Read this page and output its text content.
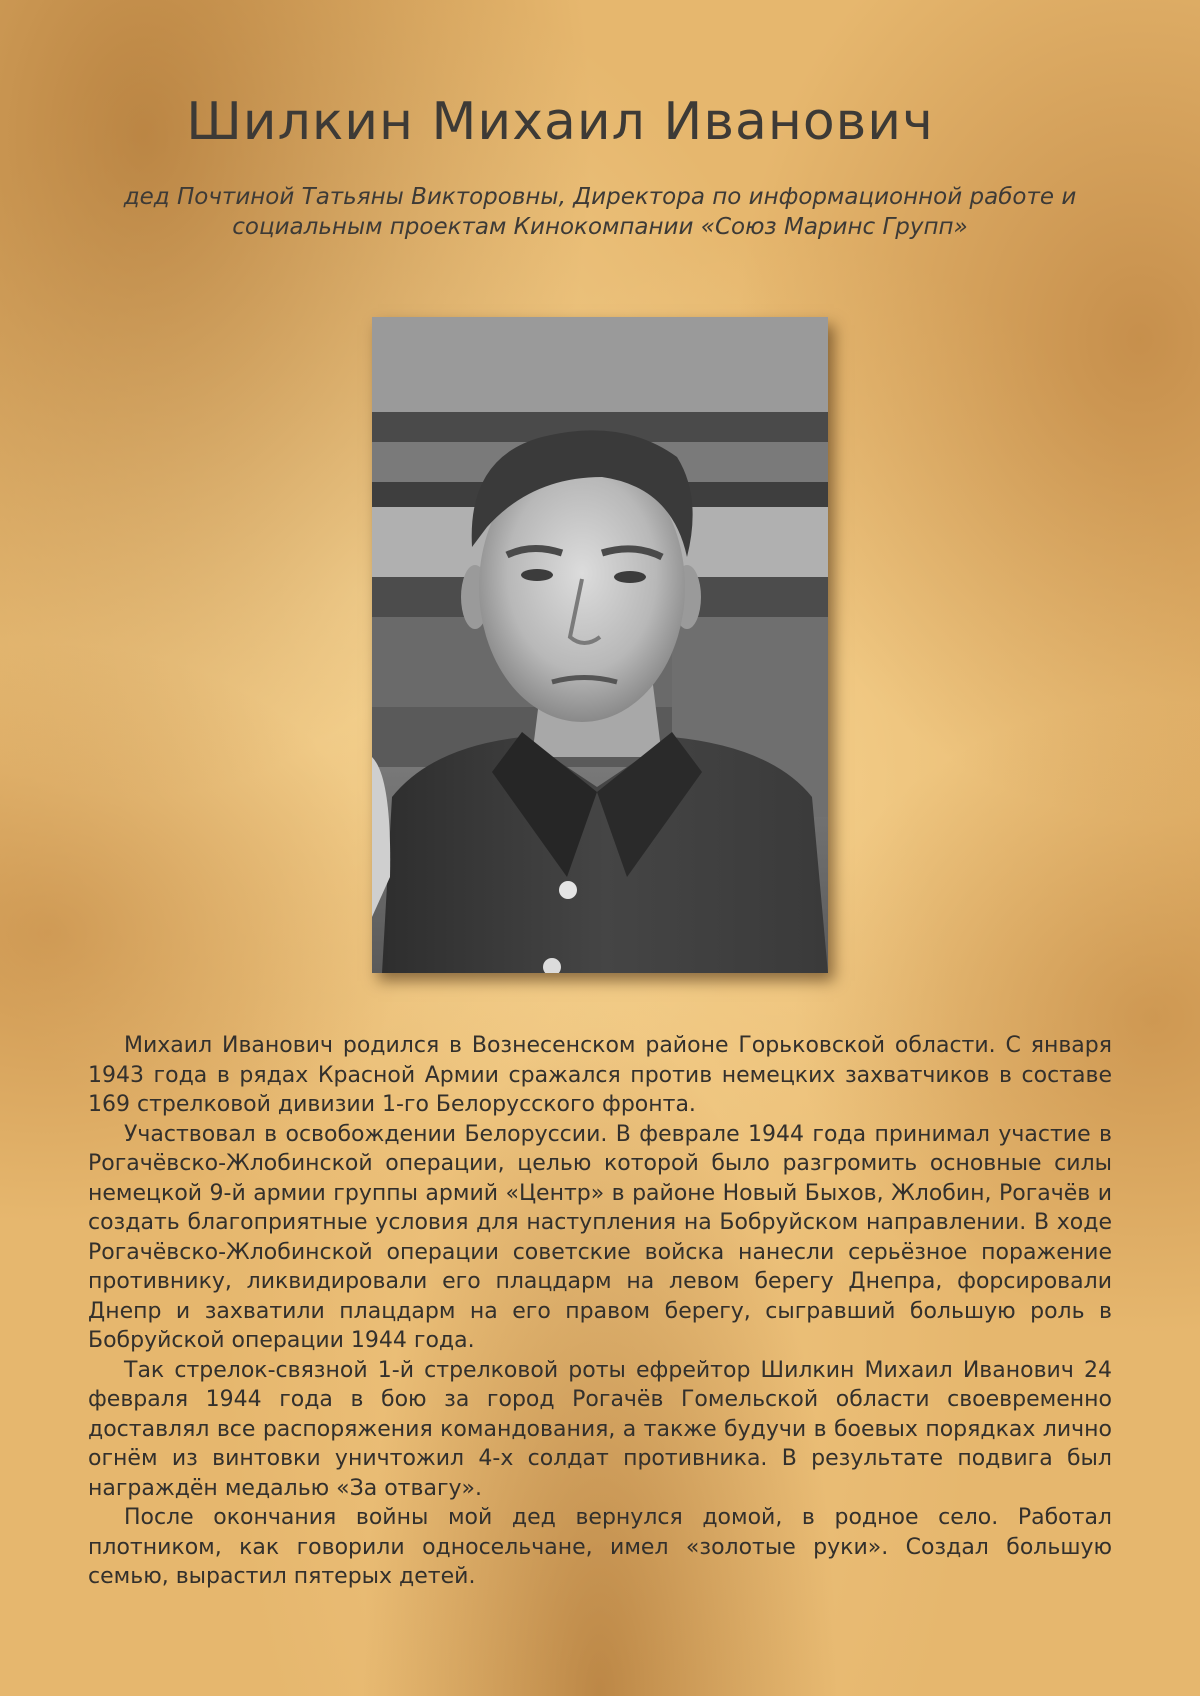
Шилкин Михаил Иванович
дед Почтиной Татьяны Викторовны, Директора по информационной работе и
социальным проектам Кинокомпании «Союз Маринс Групп»

Михаил Иванович родился в Вознесенском районе Горьковской области. С января 1943 года в рядах Красной Армии сражался против немецких захватчиков в составе 169 стрелковой дивизии 1-го Белорусского фронта.

Участвовал в освобождении Белоруссии. В феврале 1944 года принимал участие в Рогачёвско-Жлобинской операции, целью которой было разгромить основные силы немецкой 9-й армии группы армий «Центр» в районе Новый Быхов, Жлобин, Рогачёв и создать благоприятные условия для наступления на Бобруйском направлении. В ходе Рогачёвско-Жлобинской операции советские войска нанесли серьёзное поражение противнику, ликвидировали его плацдарм на левом берегу Днепра, форсировали Днепр и захватили плацдарм на его правом берегу, сыгравший большую роль в Бобруйской операции 1944 года.

Так стрелок-связной 1-й стрелковой роты ефрейтор Шилкин Михаил Иванович 24 февраля 1944 года в бою за город Рогачёв Гомельской области своевременно доставлял все распоряжения командования, а также будучи в боевых порядках лично огнём из винтовки уничтожил 4-х солдат противника. В результате подвига был награждён медалью «За отвагу».

После окончания войны мой дед вернулся домой, в родное село. Работал плотником, как говорили односельчане, имел «золотые руки». Создал большую семью, вырастил пятерых детей.
